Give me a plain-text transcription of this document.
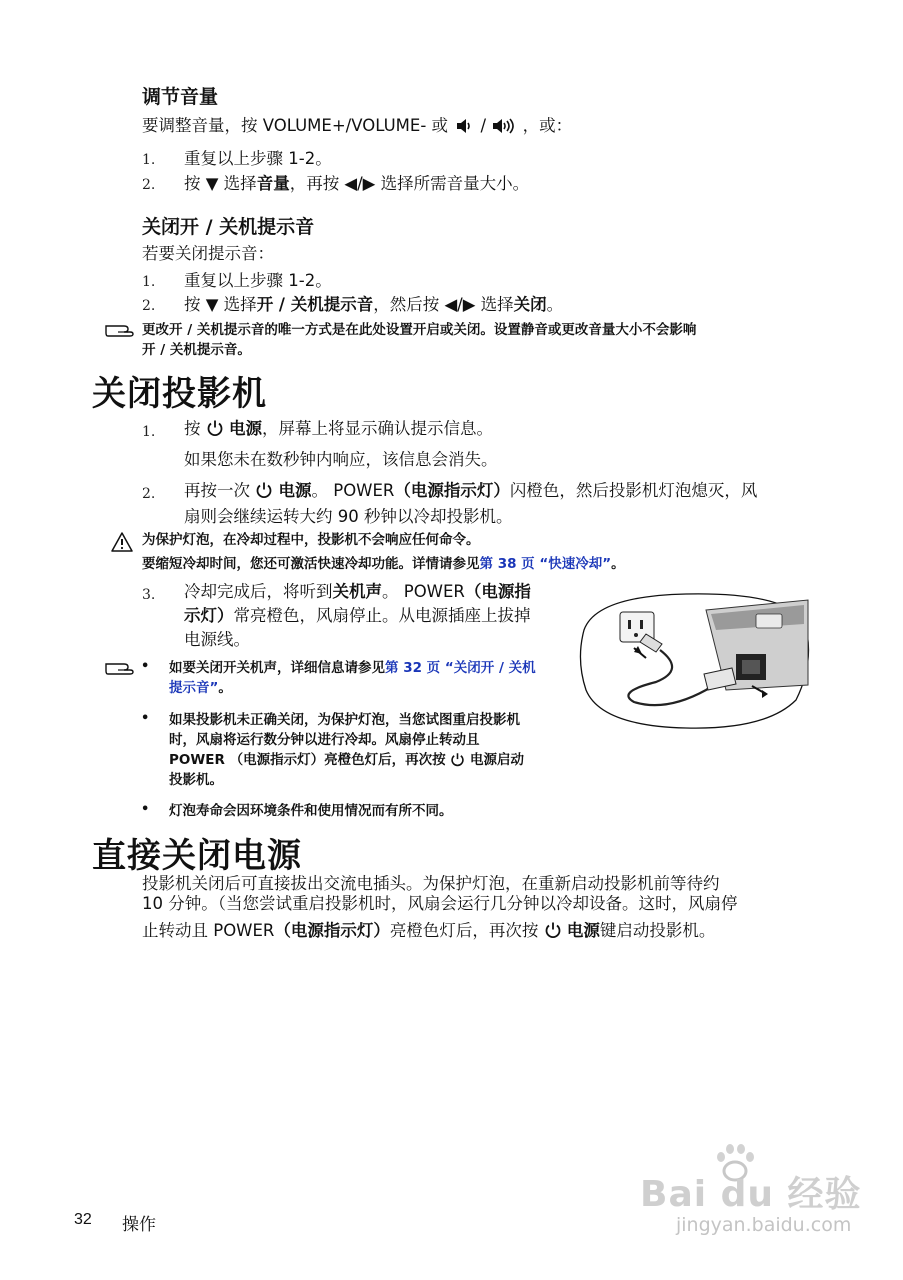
调节音量
要调整音量，按 VOLUME+/VOLUME- 或 / ，或：
1. 重复以上步骤 1-2。
2. 按 ▼ 选择音量，再按 ◀/▶ 选择所需音量大小。
关闭开 / 关机提示音
若要关闭提示音：
1. 重复以上步骤 1-2。
2. 按 ▼ 选择开 / 关机提示音，然后按 ◀/▶ 选择关闭。
更改开 / 关机提示音的唯一方式是在此处设置开启或关闭。设置静音或更改音量大小不会影响
开 / 关机提示音。
关闭投影机
1. 按 电源，屏幕上将显示确认提示信息。
如果您未在数秒钟内响应，该信息会消失。
2. 再按一次 电源。 POWER（电源指示灯）闪橙色，然后投影机灯泡熄灭，风
扇则会继续运转大约 90 秒钟以冷却投影机。
为保护灯泡，在冷却过程中，投影机不会响应任何命令。
要缩短冷却时间，您还可激活快速冷却功能。详情请参见第 38 页 “快速冷却”。
3. 冷却完成后，将听到关机声。 POWER（电源指
示灯）常亮橙色，风扇停止。从电源插座上拔掉
电源线。
• 如要关闭开关机声，详细信息请参见第 32 页 “关闭开 / 关机
提示音”。
• 如果投影机未正确关闭，为保护灯泡，当您试图重启投影机
时，风扇将运行数分钟以进行冷却。风扇停止转动且
POWER （电源指示灯）亮橙色灯后，再次按 电源启动
投影机。
• 灯泡寿命会因环境条件和使用情况而有所不同。
直接关闭电源
投影机关闭后可直接拔出交流电插头。为保护灯泡，在重新启动投影机前等待约
10 分钟。（当您尝试重启投影机时，风扇会运行几分钟以冷却设备。这时，风扇停
止转动且 POWER（电源指示灯）亮橙色灯后，再次按 电源键启动投影机。
32 操作
Bai du 经验
jingyan.baidu.com
